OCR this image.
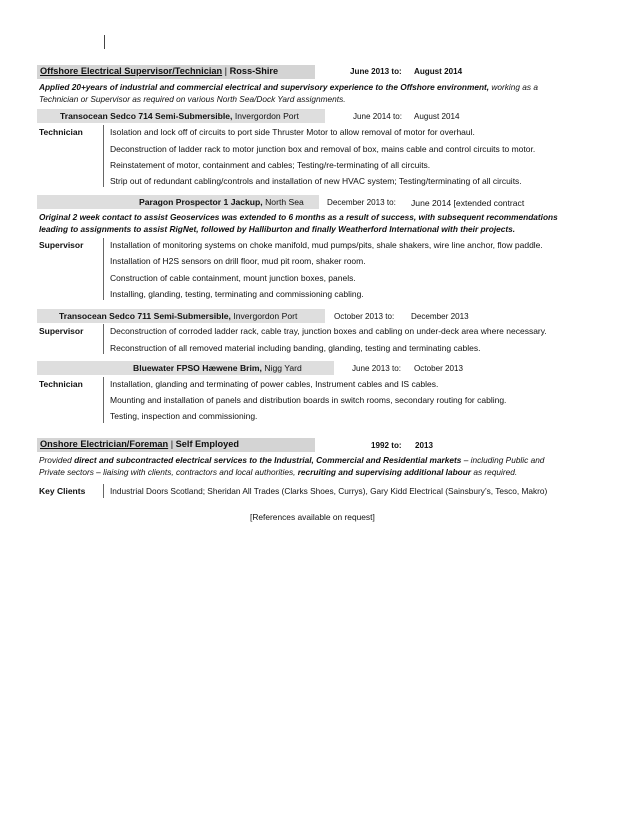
Offshore Electrical Supervisor/Technician | Ross-Shire	June 2013 to: August 2014
Applied 20+years of industrial and commercial electrical and supervisory experience to the Offshore environment, working as a
Technician or Supervisor as required on various North Sea/Dock Yard assignments.
Transocean Sedco 714 Semi-Submersible, Invergordon Port	June 2014 to: August 2014
Technician	Isolation and lock off of circuits to port side Thruster Motor to allow removal of motor for overhaul.
Deconstruction of ladder rack to motor junction box and removal of box, mains cable and control circuits to motor.
Reinstatement of motor, containment and cables; Testing/re-terminating of all circuits.
Strip out of redundant cabling/controls and installation of new HVAC system; Testing/terminating of all circuits.
Paragon Prospector 1 Jackup, North Sea	December 2013 to: June 2014 [extended contract
Original 2 week contact to assist Geoservices was extended to 6 months as a result of success, with subsequent recommendations
leading to assignments to assist RigNet, followed by Halliburton and finally Weatherford International with their projects.
Supervisor	Installation of monitoring systems on choke manifold, mud pumps/pits, shale shakers, wire line anchor, flow paddle.
Installation of H2S sensors on drill floor, mud pit room, shaker room.
Construction of cable containment, mount junction boxes, panels.
Installing, glanding, testing, terminating and commissioning cabling.
Transocean Sedco 711 Semi-Submersible, Invergordon Port	October 2013 to: December 2013
Supervisor	Deconstruction of corroded ladder rack, cable tray, junction boxes and cabling on under-deck area where necessary.
Reconstruction of all removed material including banding, glanding, testing and terminating cables.
Bluewater FPSO Hæwene Brim, Nigg Yard	June 2013 to: October 2013
Technician	Installation, glanding and terminating of power cables, Instrument cables and IS cables.
Mounting and installation of panels and distribution boards in switch rooms, secondary routing for cabling.
Testing, inspection and commissioning.
Onshore Electrician/Foreman | Self Employed	1992 to: 2013
Provided direct and subcontracted electrical services to the Industrial, Commercial and Residential markets – including Public and
Private sectors – liaising with clients, contractors and local authorities, recruiting and supervising additional labour as required.
Key Clients	Industrial Doors Scotland; Sheridan All Trades (Clarks Shoes, Currys), Gary Kidd Electrical (Sainsbury’s, Tesco, Makro)
[References available on request]
